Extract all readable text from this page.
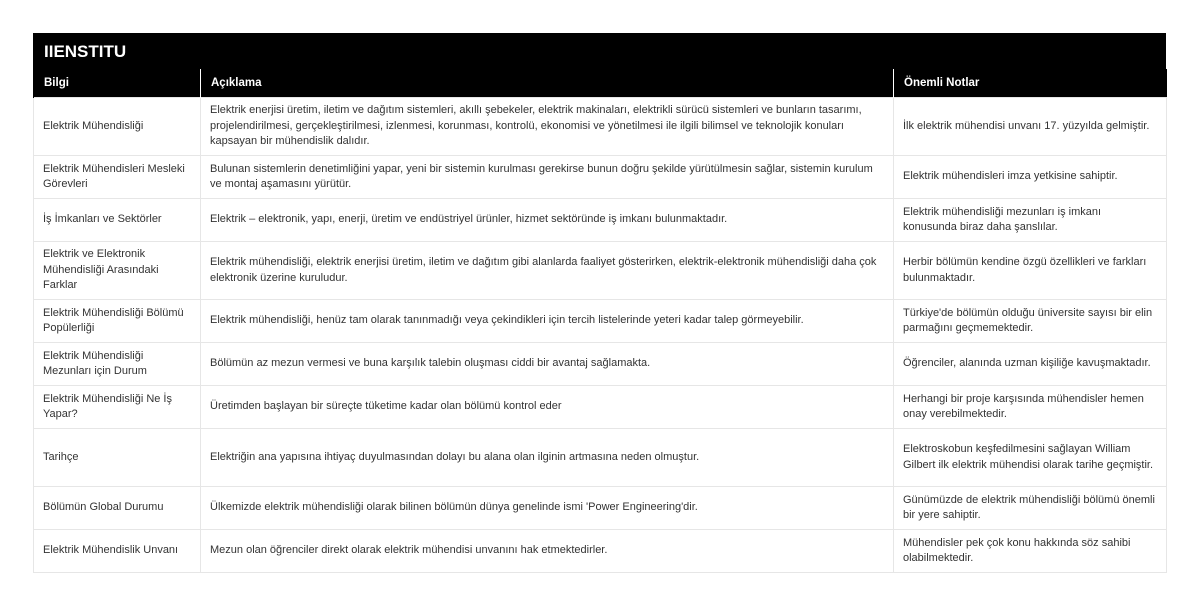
IIENSTITU
Bilgi	Açıklama	Önemli Notlar
Elektrik Mühendisliği	Elektrik enerjisi üretim, iletim ve dağıtım sistemleri, akıllı şebekeler, elektrik makinaları, elektrikli sürücü sistemleri ve bunların tasarımı, projelendirilmesi, gerçekleştirilmesi, izlenmesi, korunması, kontrolü, ekonomisi ve yönetilmesi ile ilgili bilimsel ve teknolojik konuları kapsayan bir mühendislik dalıdır.	İlk elektrik mühendisi unvanı 17. yüzyılda gelmiştir.
Elektrik Mühendisleri Mesleki Görevleri	Bulunan sistemlerin denetimliğini yapar, yeni bir sistemin kurulması gerekirse bunun doğru şekilde yürütülmesin sağlar, sistemin kurulum ve montaj aşamasını yürütür.	Elektrik mühendisleri imza yetkisine sahiptir.
İş İmkanları ve Sektörler	Elektrik – elektronik, yapı, enerji, üretim ve endüstriyel ürünler, hizmet sektöründe iş imkanı bulunmaktadır.	Elektrik mühendisliği mezunları iş imkanı konusunda biraz daha şanslılar.
Elektrik ve Elektronik Mühendisliği Arasındaki Farklar	Elektrik mühendisliği, elektrik enerjisi üretim, iletim ve dağıtım gibi alanlarda faaliyet gösterirken, elektrik-elektronik mühendisliği daha çok elektronik üzerine kuruludur.	Herbir bölümün kendine özgü özellikleri ve farkları bulunmaktadır.
Elektrik Mühendisliği Bölümü Popülerliği	Elektrik mühendisliği, henüz tam olarak tanınmadığı veya çekindikleri için tercih listelerinde yeteri kadar talep görmeyebilir.	Türkiye'de bölümün olduğu üniversite sayısı bir elin parmağını geçmemektedir.
Elektrik Mühendisliği Mezunları için Durum	Bölümün az mezun vermesi ve buna karşılık talebin oluşması ciddi bir avantaj sağlamakta.	Öğrenciler, alanında uzman kişiliğe kavuşmaktadır.
Elektrik Mühendisliği Ne İş Yapar?	Üretimden başlayan bir süreçte tüketime kadar olan bölümü kontrol eder	Herhangi bir proje karşısında mühendisler hemen onay verebilmektedir.
Tarihçe	Elektriğin ana yapısına ihtiyaç duyulmasından dolayı bu alana olan ilginin artmasına neden olmuştur.	Elektroskobun keşfedilmesini sağlayan William Gilbert ilk elektrik mühendisi olarak tarihe geçmiştir.
Bölümün Global Durumu	Ülkemizde elektrik mühendisliği olarak bilinen bölümün dünya genelinde ismi 'Power Engineering'dir.	Günümüzde de elektrik mühendisliği bölümü önemli bir yere sahiptir.
Elektrik Mühendislik Unvanı	Mezun olan öğrenciler direkt olarak elektrik mühendisi unvanını hak etmektedirler.	Mühendisler pek çok konu hakkında söz sahibi olabilmektedir.
